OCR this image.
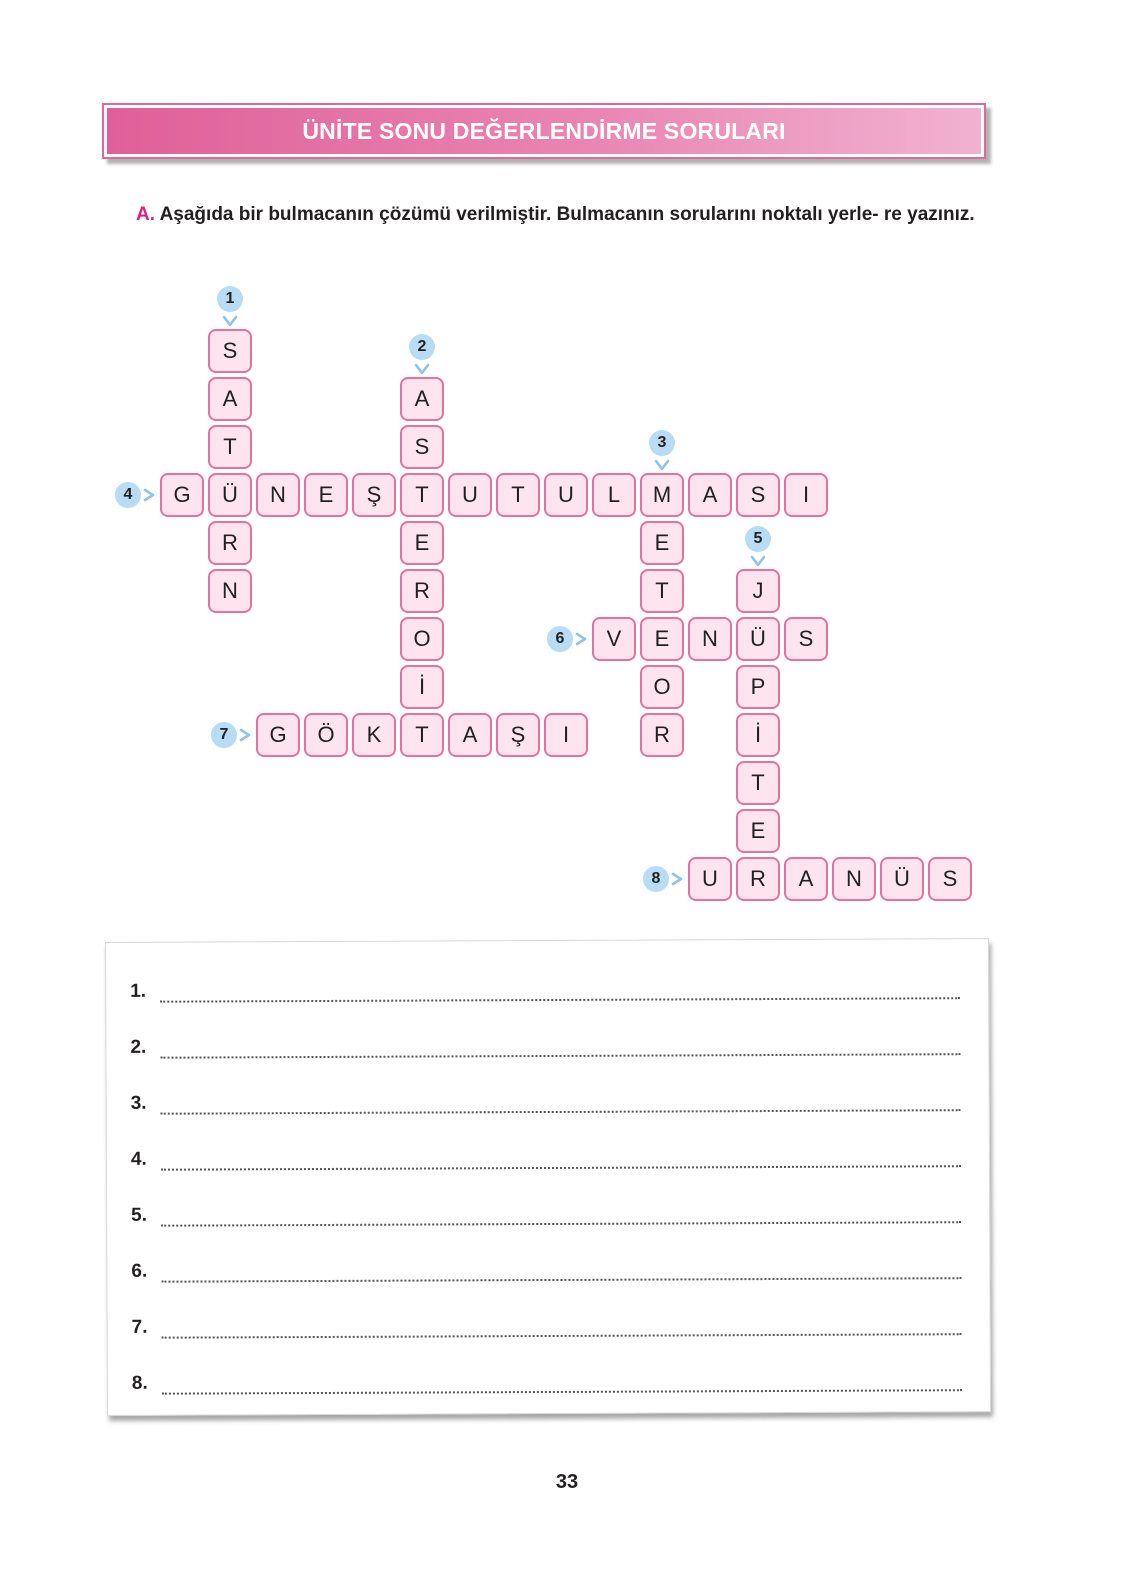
ÜNİTE SONU DEĞERLENDİRME SORULARI
A. Aşağıda bir bulmacanın çözümü verilmiştir. Bulmacanın sorularını noktalı yerle- re yazınız.
S
A
T
Ü
R
N
1
A
S
T
E
R
O
İ
T
2
M
E
T
E
O
R
3
G	N	E	Ş	U	T	U	L	A	S	I
4
J
Ü
P
İ
T
E
R
5
V	N	S
6
G	Ö	K	A	Ş	I
7
U	A	N	Ü	S
8
1.
2.
3.
4.
5.
6.
7.
8.
33
